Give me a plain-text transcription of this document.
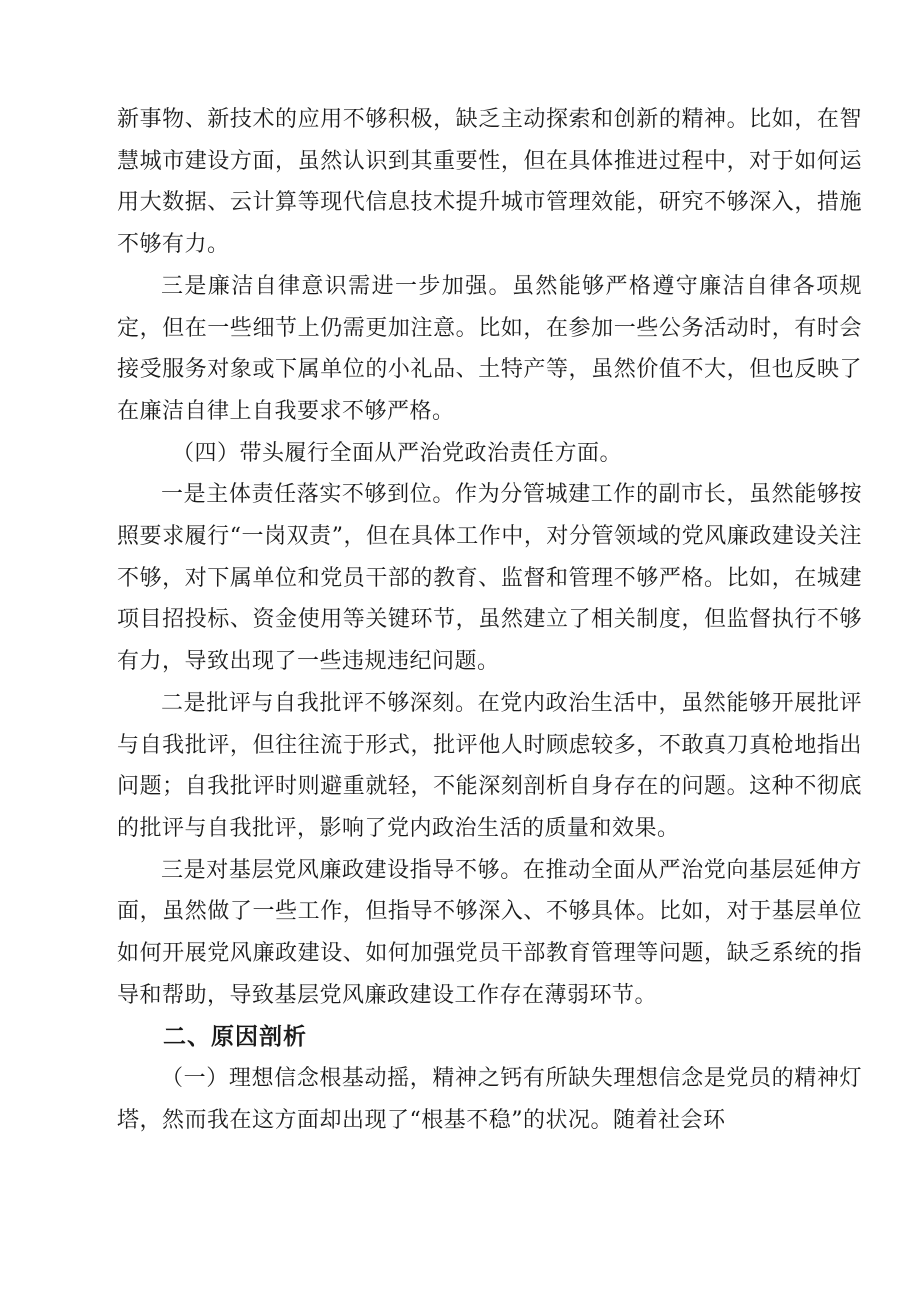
新事物、新技术的应用不够积极，缺乏主动探索和创新的精神。比如，在智慧城市建设方面，虽然认识到其重要性，但在具体推进过程中，对于如何运用大数据、云计算等现代信息技术提升城市管理效能，研究不够深入，措施不够有力。

三是廉洁自律意识需进一步加强。虽然能够严格遵守廉洁自律各项规定，但在一些细节上仍需更加注意。比如，在参加一些公务活动时，有时会接受服务对象或下属单位的小礼品、土特产等，虽然价值不大，但也反映了在廉洁自律上自我要求不够严格。

（四）带头履行全面从严治党政治责任方面。

一是主体责任落实不够到位。作为分管城建工作的副市长，虽然能够按照要求履行“一岗双责”，但在具体工作中，对分管领域的党风廉政建设关注不够，对下属单位和党员干部的教育、监督和管理不够严格。比如，在城建项目招投标、资金使用等关键环节，虽然建立了相关制度，但监督执行不够有力，导致出现了一些违规违纪问题。

二是批评与自我批评不够深刻。在党内政治生活中，虽然能够开展批评与自我批评，但往往流于形式，批评他人时顾虑较多，不敢真刀真枪地指出问题；自我批评时则避重就轻，不能深刻剖析自身存在的问题。这种不彻底的批评与自我批评，影响了党内政治生活的质量和效果。

三是对基层党风廉政建设指导不够。在推动全面从严治党向基层延伸方面，虽然做了一些工作，但指导不够深入、不够具体。比如，对于基层单位如何开展党风廉政建设、如何加强党员干部教育管理等问题，缺乏系统的指导和帮助，导致基层党风廉政建设工作存在薄弱环节。

二、原因剖析

（一）理想信念根基动摇，精神之钙有所缺失理想信念是党员的精神灯塔，然而我在这方面却出现了“根基不稳”的状况。随着社会环
